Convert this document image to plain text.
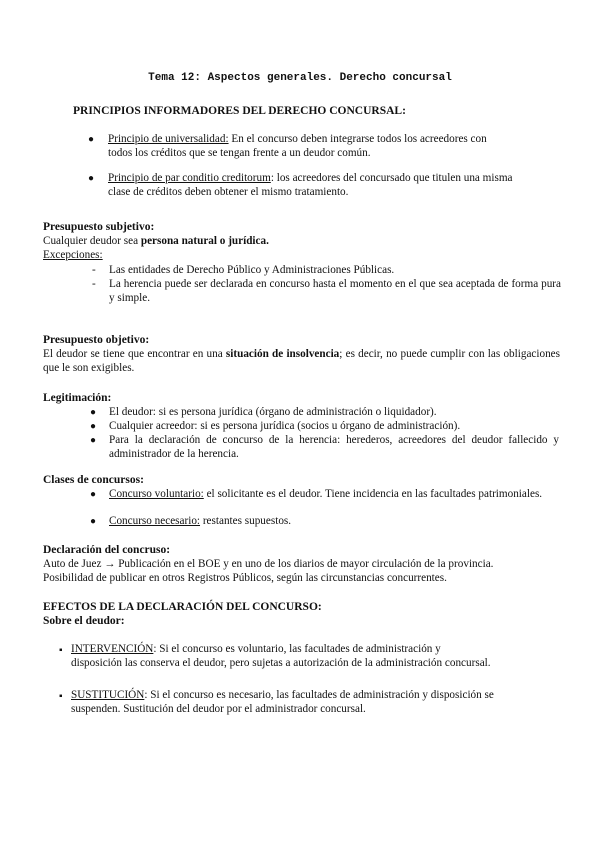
Tema 12: Aspectos generales. Derecho concursal
PRINCIPIOS INFORMADORES DEL DERECHO CONCURSAL:
● Principio de universalidad: En el concurso deben integrarse todos los acreedores con todos los créditos que se tengan frente a un deudor común.
● Principio de par conditio creditorum: los acreedores del concursado que titulen una misma clase de créditos deben obtener el mismo tratamiento.
Presupuesto subjetivo:
Cualquier deudor sea persona natural o jurídica.
Excepciones:
- Las entidades de Derecho Público y Administraciones Públicas.
- La herencia puede ser declarada en concurso hasta el momento en el que sea aceptada de forma pura y simple.
Presupuesto objetivo:
El deudor se tiene que encontrar en una situación de insolvencia; es decir, no puede cumplir con las obligaciones que le son exigibles.
Legitimación:
● El deudor: si es persona jurídica (órgano de administración o liquidador).
● Cualquier acreedor: si es persona jurídica (socios u órgano de administración).
● Para la declaración de concurso de la herencia: herederos, acreedores del deudor fallecido y administrador de la herencia.
Clases de concursos:
● Concurso voluntario: el solicitante es el deudor. Tiene incidencia en las facultades patrimoniales.
● Concurso necesario: restantes supuestos.
Declaración del concruso:
Auto de Juez → Publicación en el BOE y en uno de los diarios de mayor circulación de la provincia.
Posibilidad de publicar en otros Registros Públicos, según las circunstancias concurrentes.
EFECTOS DE LA DECLARACIÓN DEL CONCURSO:
Sobre el deudor:
▪ INTERVENCIÓN: Si el concurso es voluntario, las facultades de administración y disposición las conserva el deudor, pero sujetas a autorización de la administración concursal.
▪ SUSTITUCIÓN: Si el concurso es necesario, las facultades de administración y disposición se suspenden. Sustitución del deudor por el administrador concursal.
